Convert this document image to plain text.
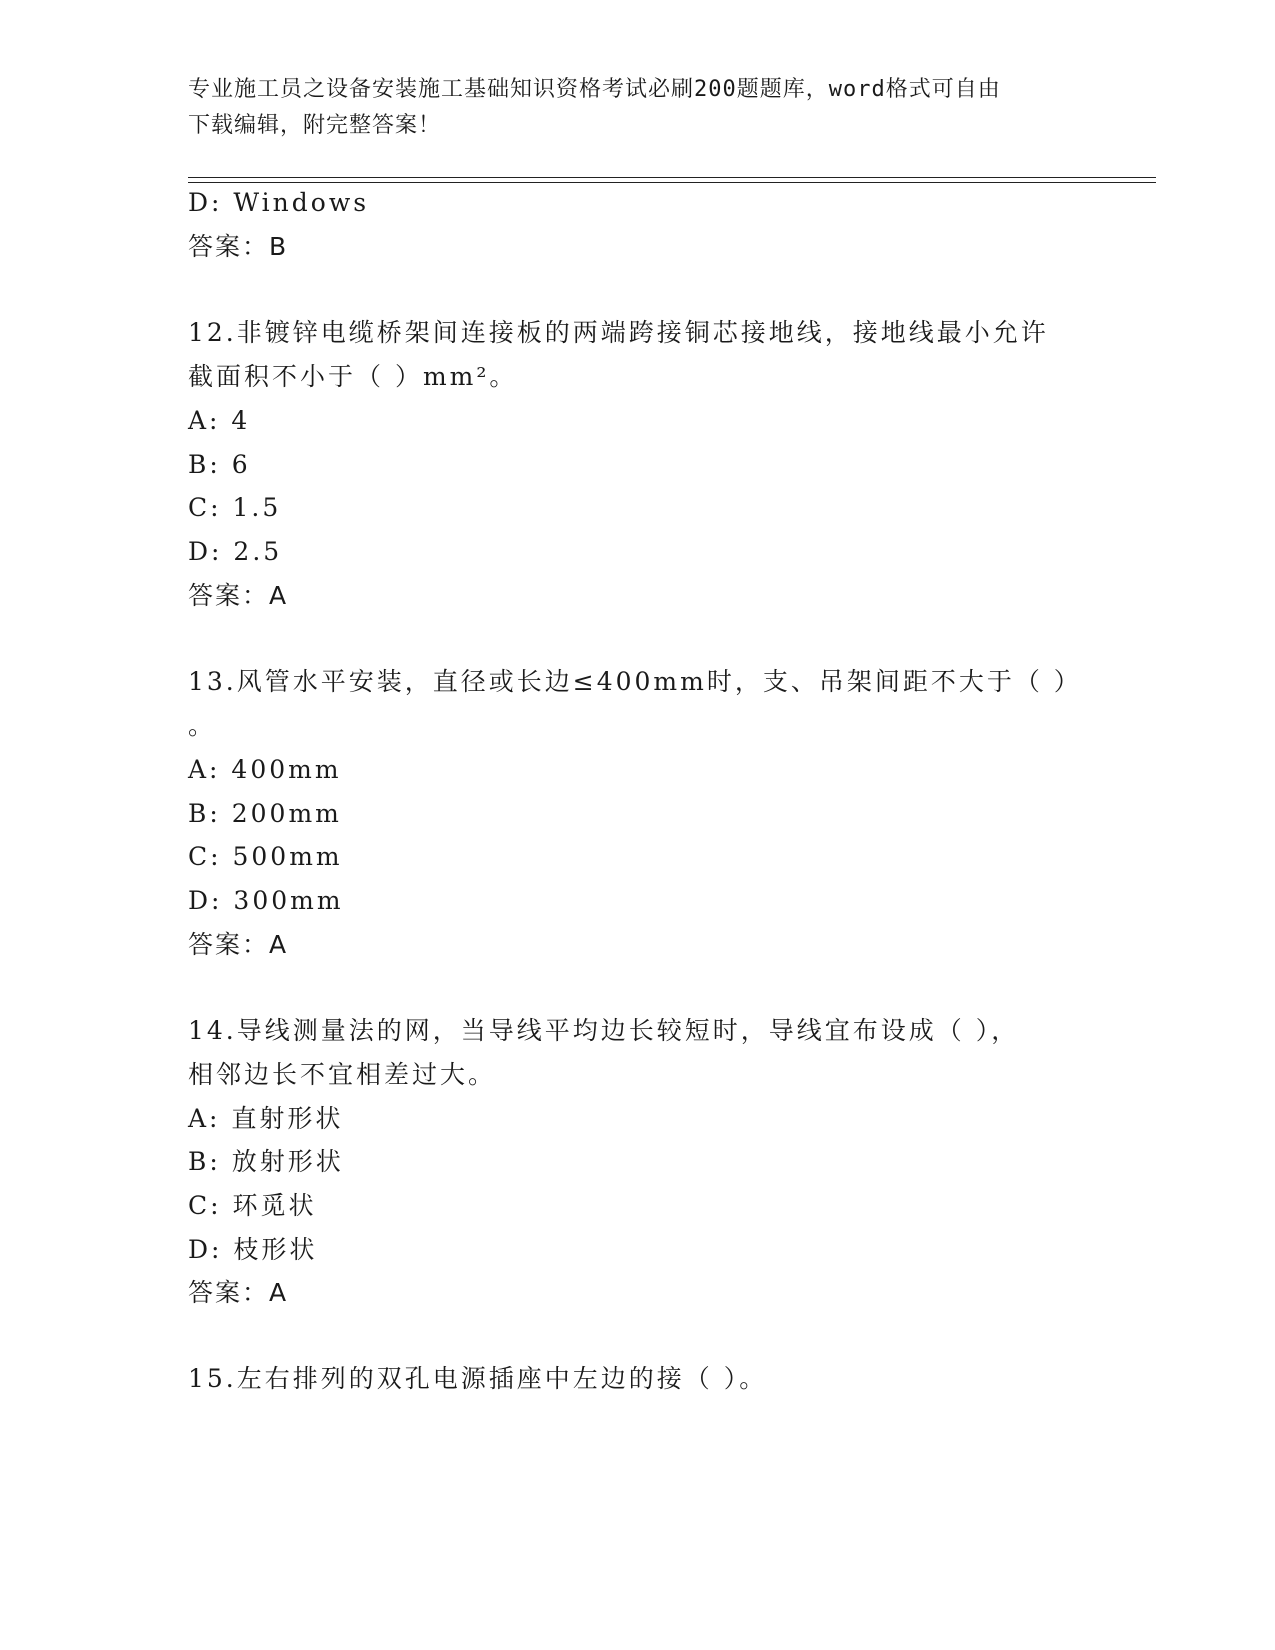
专业施工员之设备安装施工基础知识资格考试必刷200题题库，word格式可自由
下载编辑，附完整答案！
D: Windows
答案：B
12.非镀锌电缆桥架间连接板的两端跨接铜芯接地线，接地线最小允许
截面积不小于（ ）mm²。
A: 4
B: 6
C: 1.5
D: 2.5
答案：A
13.风管水平安装，直径或长边≤400mm时，支、吊架间距不大于（ ）
。
A: 400mm
B: 200mm
C: 500mm
D: 300mm
答案：A
14.导线测量法的网，当导线平均边长较短时，导线宜布设成（ ），
相邻边长不宜相差过大。
A: 直射形状
B: 放射形状
C: 环觅状
D: 枝形状
答案：A
15.左右排列的双孔电源插座中左边的接（ ）。
